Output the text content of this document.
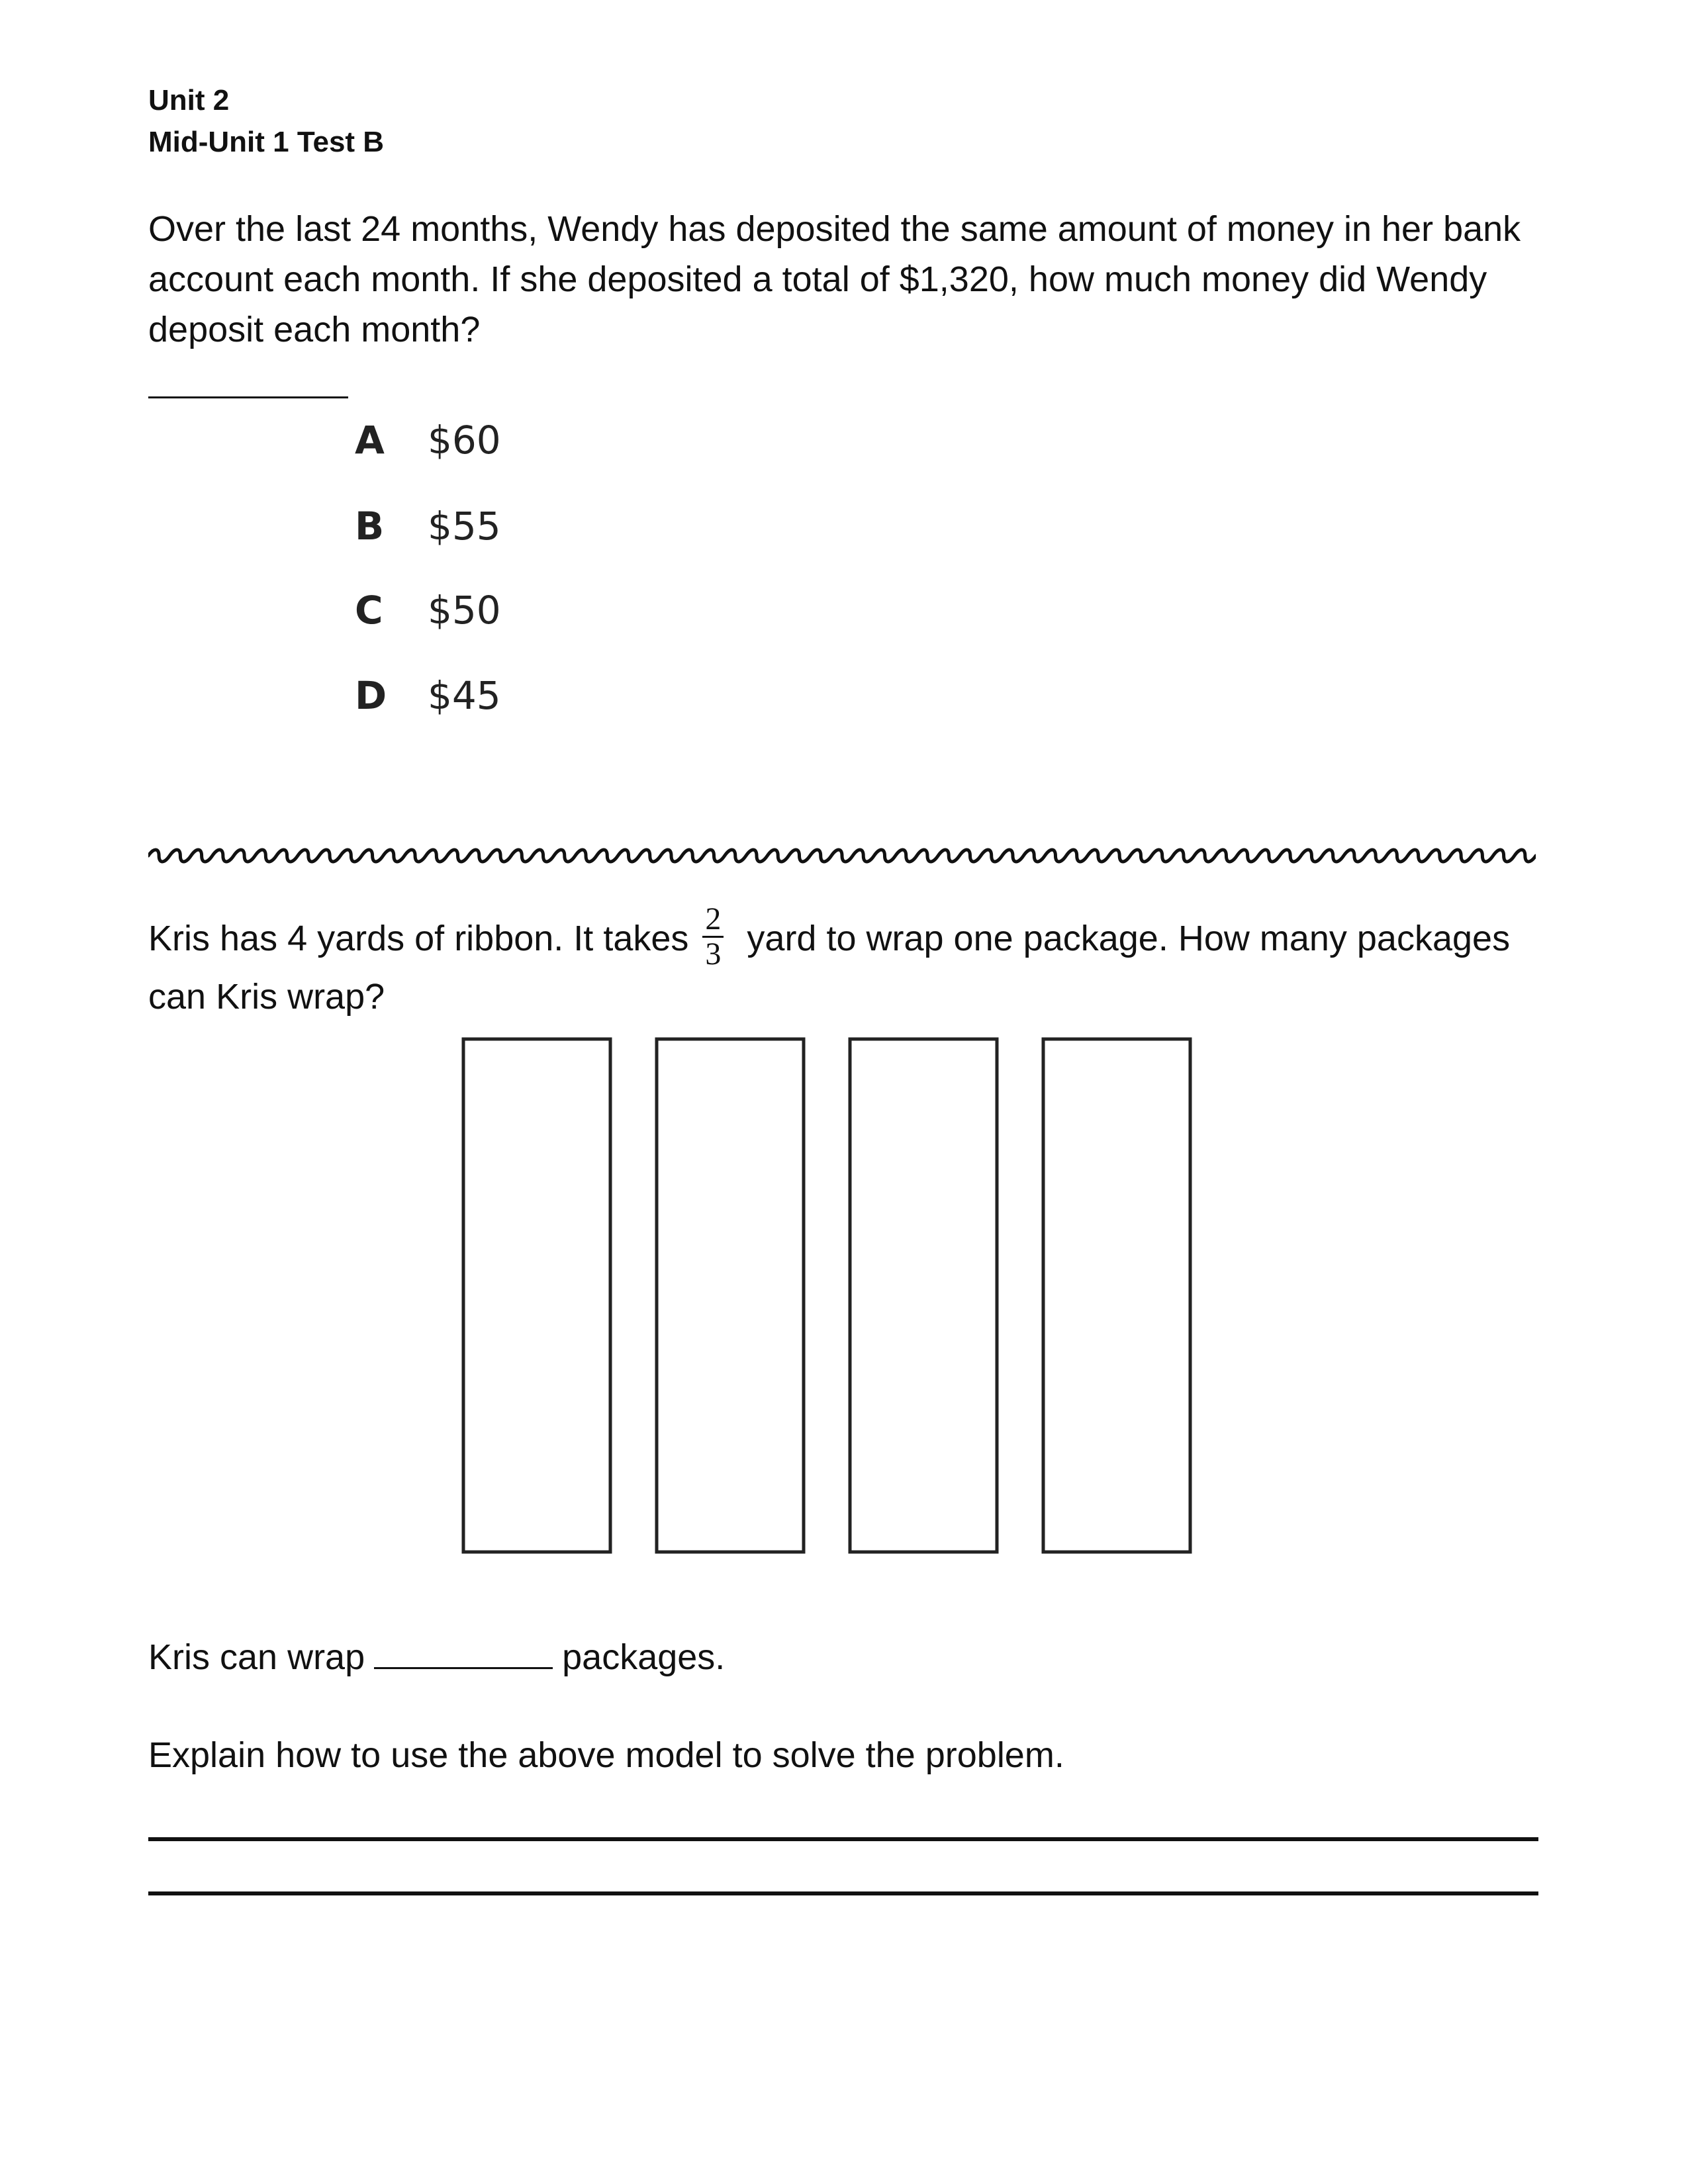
Unit 2
Mid-Unit 1 Test B
Over the last 24 months, Wendy has deposited the same amount of money in her bank
account each month. If she deposited a total of $1,320, how much money did Wendy
deposit each month?
A $60
B $55
C $50
D $45
~~~~~~~~~~~~~~~~~~~~~~~~~~~~~~~~~~~~~~~~~~~~~~~~~~~~~~~~~~~~~~~~~
Kris has 4 yards of ribbon. It takes $\frac{2}{3}$ yard to wrap one package. How many packages
can Kris wrap?
Kris can wrap	packages.
Explain how to use the above model to solve the problem.
